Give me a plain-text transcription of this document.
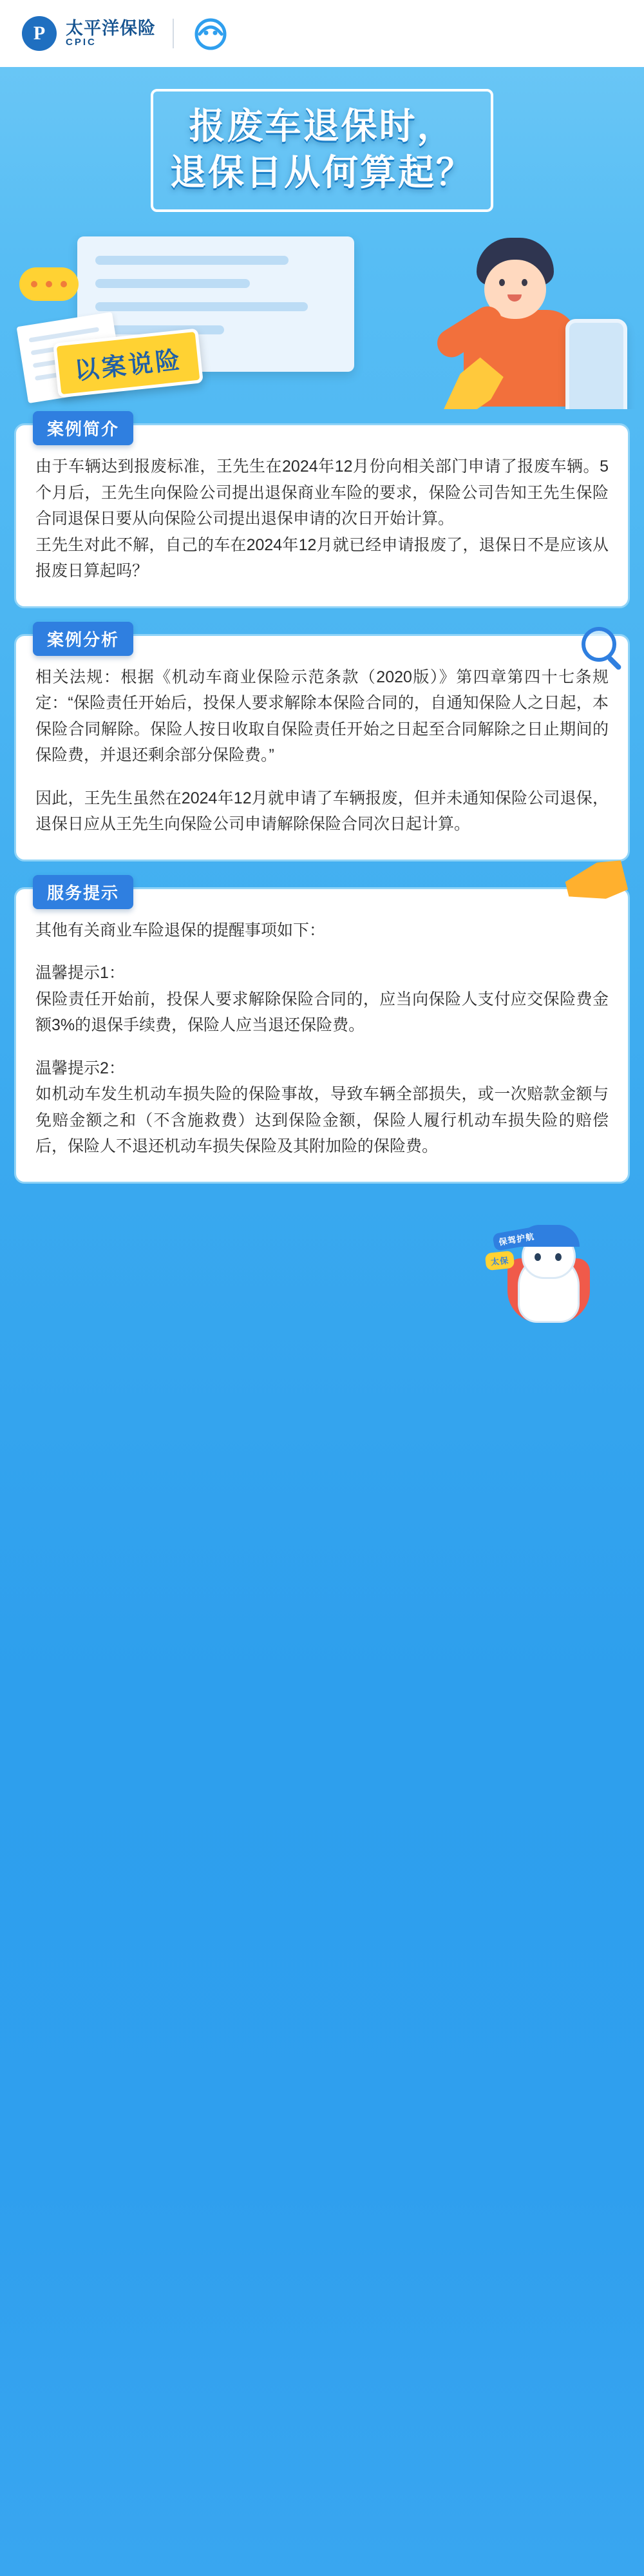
P	太平洋保险
CPIC
报废车退保时，
退保日从何算起？
以案说险
案例简介

由于车辆达到报废标准，王先生在2024年12月份向相关部门申请了报废车辆。5个月后，王先生向保险公司提出退保商业车险的要求，保险公司告知王先生保险合同退保日要从向保险公司提出退保申请的次日开始计算。

王先生对此不解，自己的车在2024年12月就已经申请报废了，退保日不是应该从报废日算起吗？

案例分析

相关法规：根据《机动车商业保险示范条款（2020版）》第四章第四十七条规定：“保险责任开始后，投保人要求解除本保险合同的，自通知保险人之日起，本保险合同解除。保险人按日收取自保险责任开始之日起至合同解除之日止期间的保险费，并退还剩余部分保险费。”

因此，王先生虽然在2024年12月就申请了车辆报废，但并未通知保险公司退保，退保日应从王先生向保险公司申请解除保险合同次日起计算。

服务提示

其他有关商业车险退保的提醒事项如下：

温馨提示1：

保险责任开始前，投保人要求解除保险合同的，应当向保险人支付应交保险费金额3%的退保手续费，保险人应当退还保险费。

温馨提示2：

如机动车发生机动车损失险的保险事故，导致车辆全部损失，或一次赔款金额与免赔金额之和（不含施救费）达到保险金额，保险人履行机动车损失险的赔偿后，保险人不退还机动车损失保险及其附加险的保险费。

保驾护航
太保
